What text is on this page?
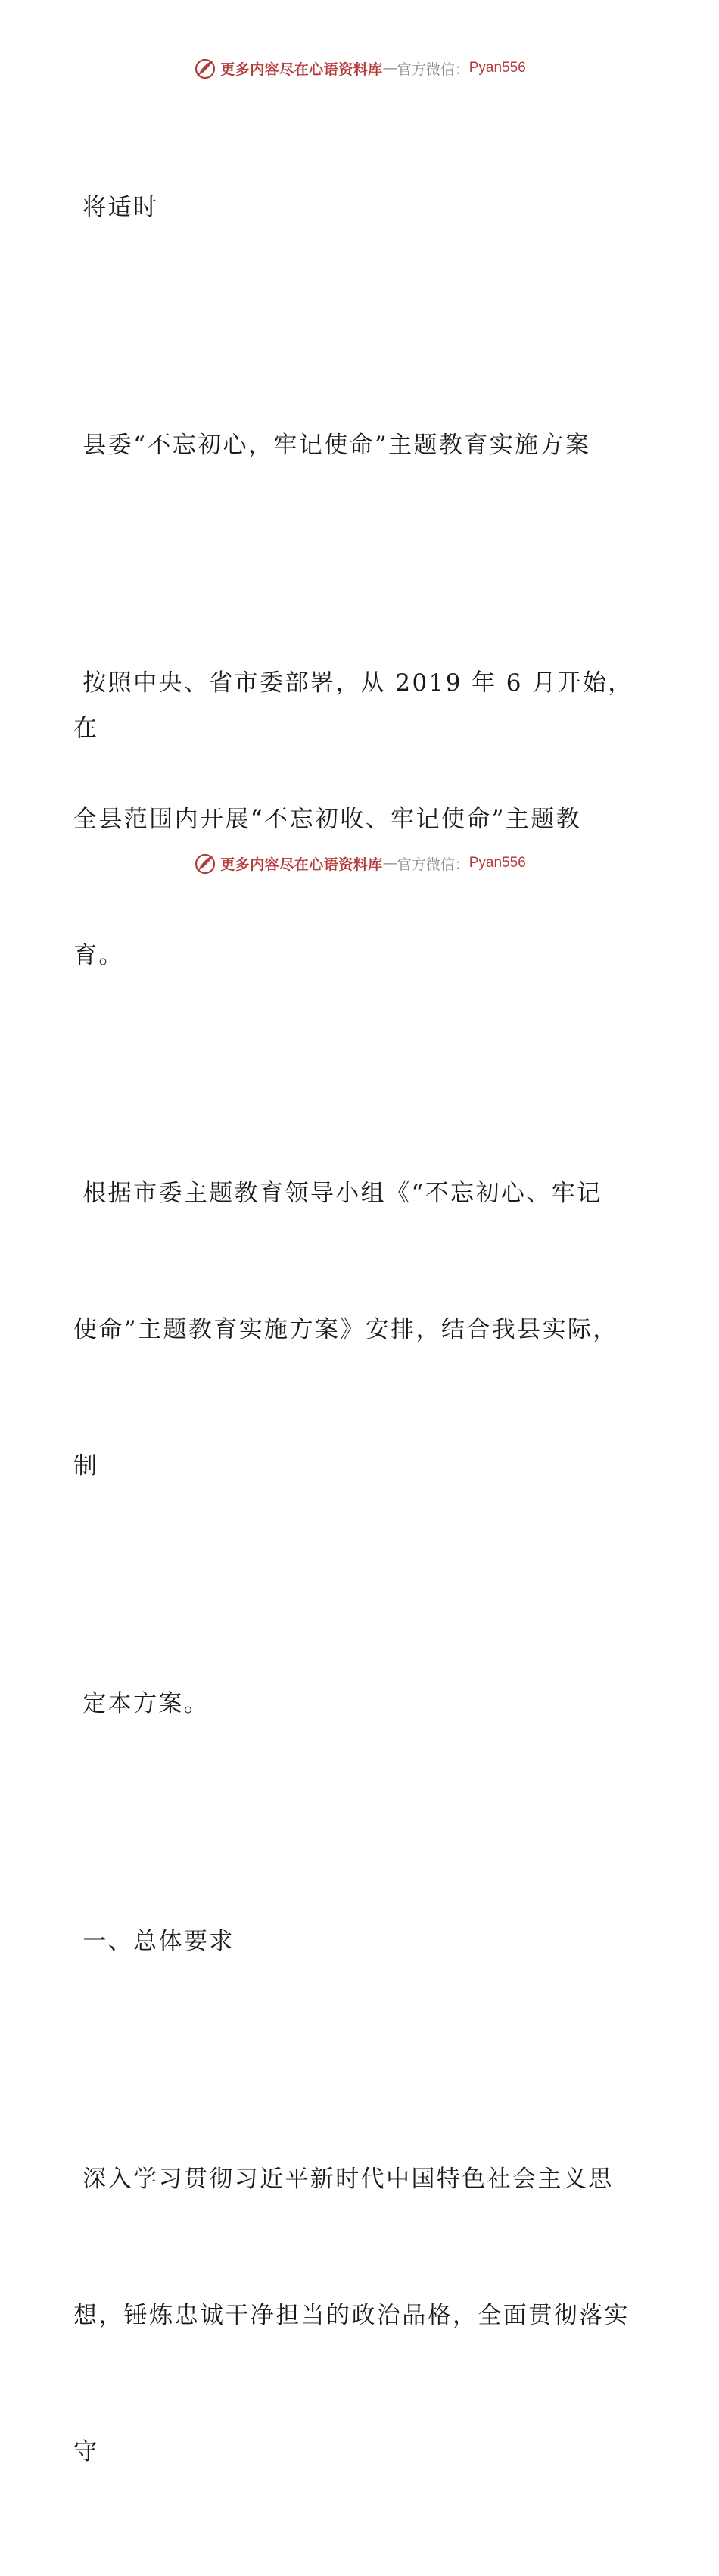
更多内容尽在心语资料库 — 官方微信： Pyan556

将适时

县委“不忘初心，牢记使命”主题教育实施方案

按照中央、省市委部署，从 2019 年 6 月开始，在

全县范围内开展“不忘初收、牢记使命”主题教

育。

根据市委主题教育领导小组《“不忘初心、牢记

使命”主题教育实施方案》安排，结合我县实际，

制

定本方案。

一、总体要求

深入学习贯彻习近平新时代中国特色社会主义思

想，锤炼忠诚干净担当的政治品格，全面贯彻落实

守

更多内容尽在心语资料库 — 官方微信： Pyan556
